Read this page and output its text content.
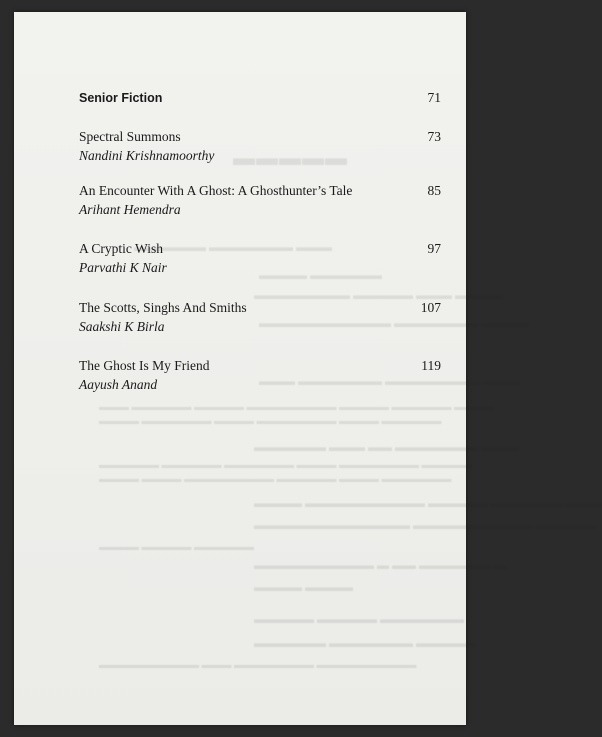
▬▬▬▬▬
▬▬▬ ▬▬▬▬▬▬▬ ▬▬▬▬▬▬
▬▬▬▬▬▬ ▬▬▬▬
▬▬▬▬ ▬▬▬ ▬▬▬▬▬ ▬▬▬▬▬▬▬▬
▬▬▬▬ ▬▬▬▬▬▬▬ ▬▬▬▬▬▬▬▬▬▬▬
▬▬▬ ▬▬▬▬▬▬▬▬ ▬▬▬▬▬▬▬ ▬▬▬
▬▬▬▬ ▬▬▬▬▬▬ ▬▬▬▬▬ ▬▬▬▬▬▬▬▬▬ ▬▬▬▬▬ ▬▬▬▬▬▬ ▬▬▬
▬▬▬▬▬▬ ▬▬▬▬ ▬▬▬▬▬▬▬▬ ▬▬▬▬ ▬▬▬▬▬▬▬ ▬▬▬▬
▬▬▬ ▬▬▬▬▬▬▬ ▬▬ ▬▬▬ ▬▬▬▬▬▬
▬▬▬▬▬ ▬▬▬▬▬▬▬▬ ▬▬▬▬ ▬▬▬▬▬▬▬ ▬▬▬▬▬▬ ▬▬▬▬▬▬
▬▬▬▬▬▬▬ ▬▬▬▬ ▬▬▬▬▬▬ ▬▬▬▬▬▬▬▬▬ ▬▬▬▬ ▬▬▬▬
▬▬▬ ▬▬▬▬▬▬ ▬▬▬▬▬ ▬▬▬▬▬▬▬▬▬▬ ▬▬▬▬
▬▬▬▬▬ ▬▬▬▬▬▬▬▬▬▬ ▬▬▬▬▬▬▬▬▬▬▬▬▬
▬▬▬▬▬▬ ▬▬▬▬▬ ▬▬▬▬
▬ ▬▬▬▬▬▬ ▬▬ ▬ ▬▬▬▬▬▬▬▬▬▬
▬▬▬▬ ▬▬▬▬
▬▬▬▬▬▬▬ ▬▬▬▬▬ ▬▬▬▬▬
▬▬▬▬▬ ▬▬▬▬▬▬▬ ▬▬▬▬▬▬
▬▬▬▬▬▬▬▬▬▬ ▬▬▬▬▬▬▬▬ ▬▬▬ ▬▬▬▬▬▬▬▬▬▬
Senior Fiction	71
Spectral Summons	73
Nandini Krishnamoorthy
An Encounter With A Ghost: A Ghosthunter’s Tale	85
Arihant Hemendra
A Cryptic Wish	97
Parvathi K Nair
The Scotts, Singhs And Smiths	107
Saakshi K Birla
The Ghost Is My Friend	119
Aayush Anand
